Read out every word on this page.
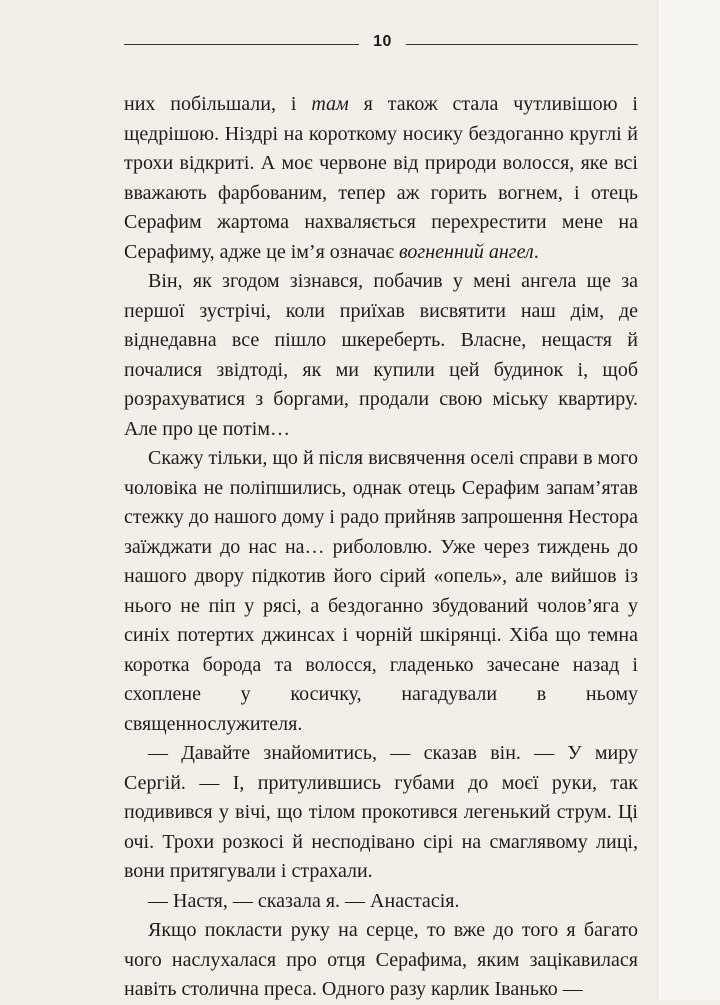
10

них побільшали, і там я також стала чутливішою і щедрішою. Ніздрі на короткому носику бездоганно круглі й трохи відкриті. А моє червоне від природи волосся, яке всі вважають фарбованим, тепер аж горить вогнем, і отець Серафим жартома нахваляється перехрестити мене на Серафиму, адже це ім’я означає вогненний ангел.

Він, як згодом зізнався, побачив у мені ангела ще за першої зустрічі, коли приїхав висвятити наш дім, де віднедавна все пішло шкереберть. Власне, нещастя й почалися звідтоді, як ми купили цей будинок і, щоб розрахуватися з боргами, продали свою міську квартиру. Але про це потім…

Скажу тільки, що й після висвячення оселі справи в мого чоловіка не поліпшились, однак отець Серафим запам’ятав стежку до нашого дому і радо прийняв запрошення Нестора заїжджати до нас на… риболовлю. Уже через тиждень до нашого двору підкотив його сірий «опель», але вийшов із нього не піп у рясі, а бездоганно збудований чолов’яга у синіх потертих джинсах і чорній шкірянці. Хіба що темна коротка борода та волосся, гладенько зачесане назад і схоплене у косичку, нагадували в ньому священнослужителя.

— Давайте знайомитись, — сказав він. — У миру Сергій. — І, притулившись губами до моєї руки, так подивився у вічі, що тілом прокотився легенький струм. Ці очі. Трохи розкосі й несподівано сірі на смаглявому лиці, вони притягували і страхали.

— Настя, — сказала я. — Анастасія.

Якщо покласти руку на серце, то вже до того я багато чого наслухалася про отця Серафима, яким зацікавилася навіть столична преса. Одного разу карлик Іванько —
